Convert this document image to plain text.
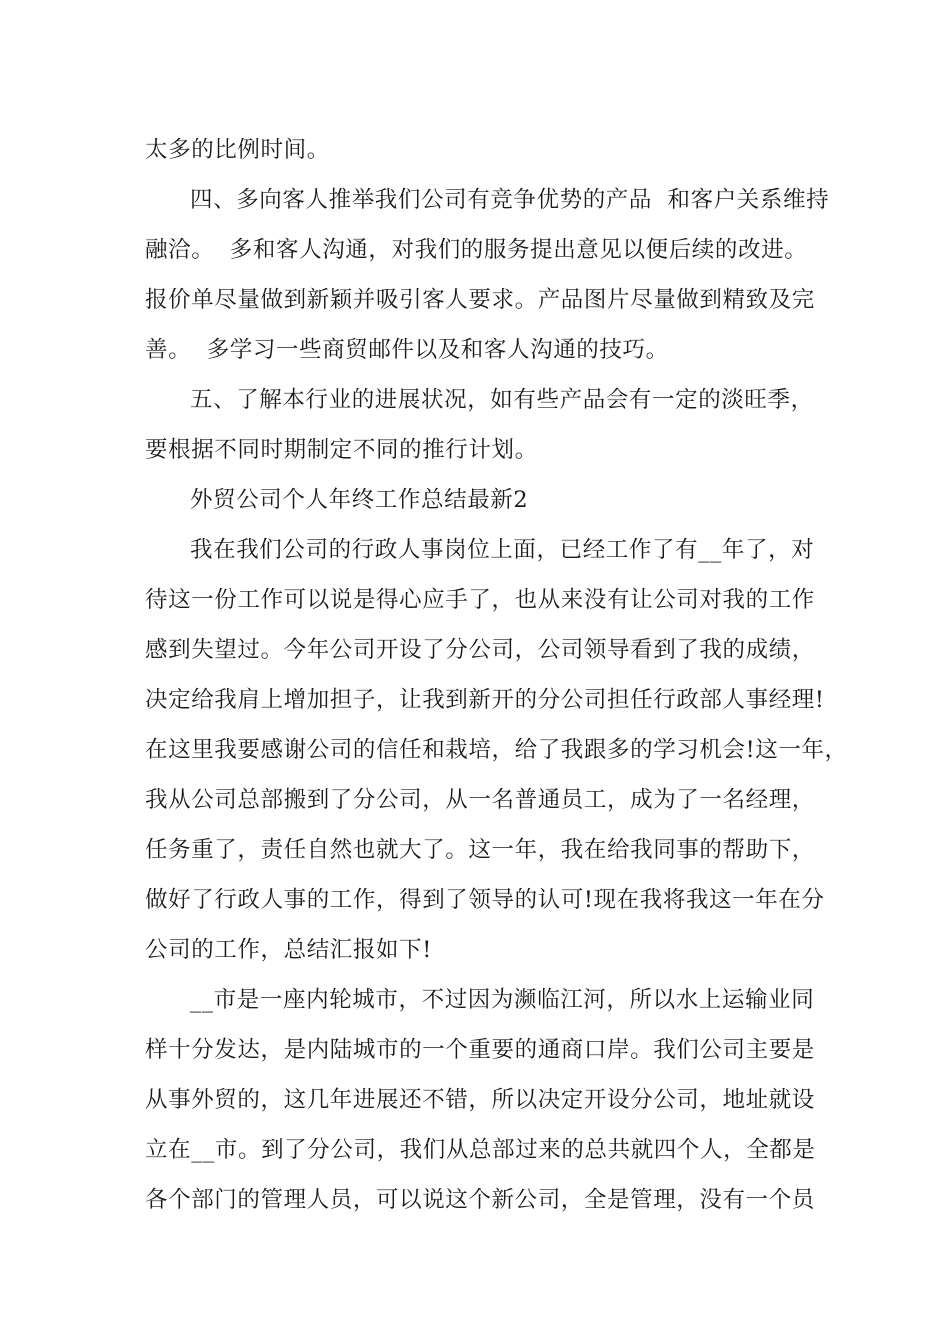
太多的比例时间。
四、多向客人推举我们公司有竞争优势的产品  和客户关系维持
融洽。  多和客人沟通，对我们的服务提出意见以便后续的改进。
报价单尽量做到新颖并吸引客人要求。产品图片尽量做到精致及完
善。  多学习一些商贸邮件以及和客人沟通的技巧。
五、了解本行业的进展状况，如有些产品会有一定的淡旺季，
要根据不同时期制定不同的推行计划。
外贸公司个人年终工作总结最新2
我在我们公司的行政人事岗位上面，已经工作了有__年了，对
待这一份工作可以说是得心应手了，也从来没有让公司对我的工作
感到失望过。今年公司开设了分公司，公司领导看到了我的成绩，
决定给我肩上增加担子，让我到新开的分公司担任行政部人事经理!
在这里我要感谢公司的信任和栽培，给了我跟多的学习机会!这一年，
我从公司总部搬到了分公司，从一名普通员工，成为了一名经理，
任务重了，责任自然也就大了。这一年，我在给我同事的帮助下，
做好了行政人事的工作，得到了领导的认可!现在我将我这一年在分
公司的工作，总结汇报如下!
__市是一座内轮城市，不过因为濒临江河，所以水上运输业同
样十分发达，是内陆城市的一个重要的通商口岸。我们公司主要是
从事外贸的，这几年进展还不错，所以决定开设分公司，地址就设
立在__市。到了分公司，我们从总部过来的总共就四个人，全都是
各个部门的管理人员，可以说这个新公司，全是管理，没有一个员
